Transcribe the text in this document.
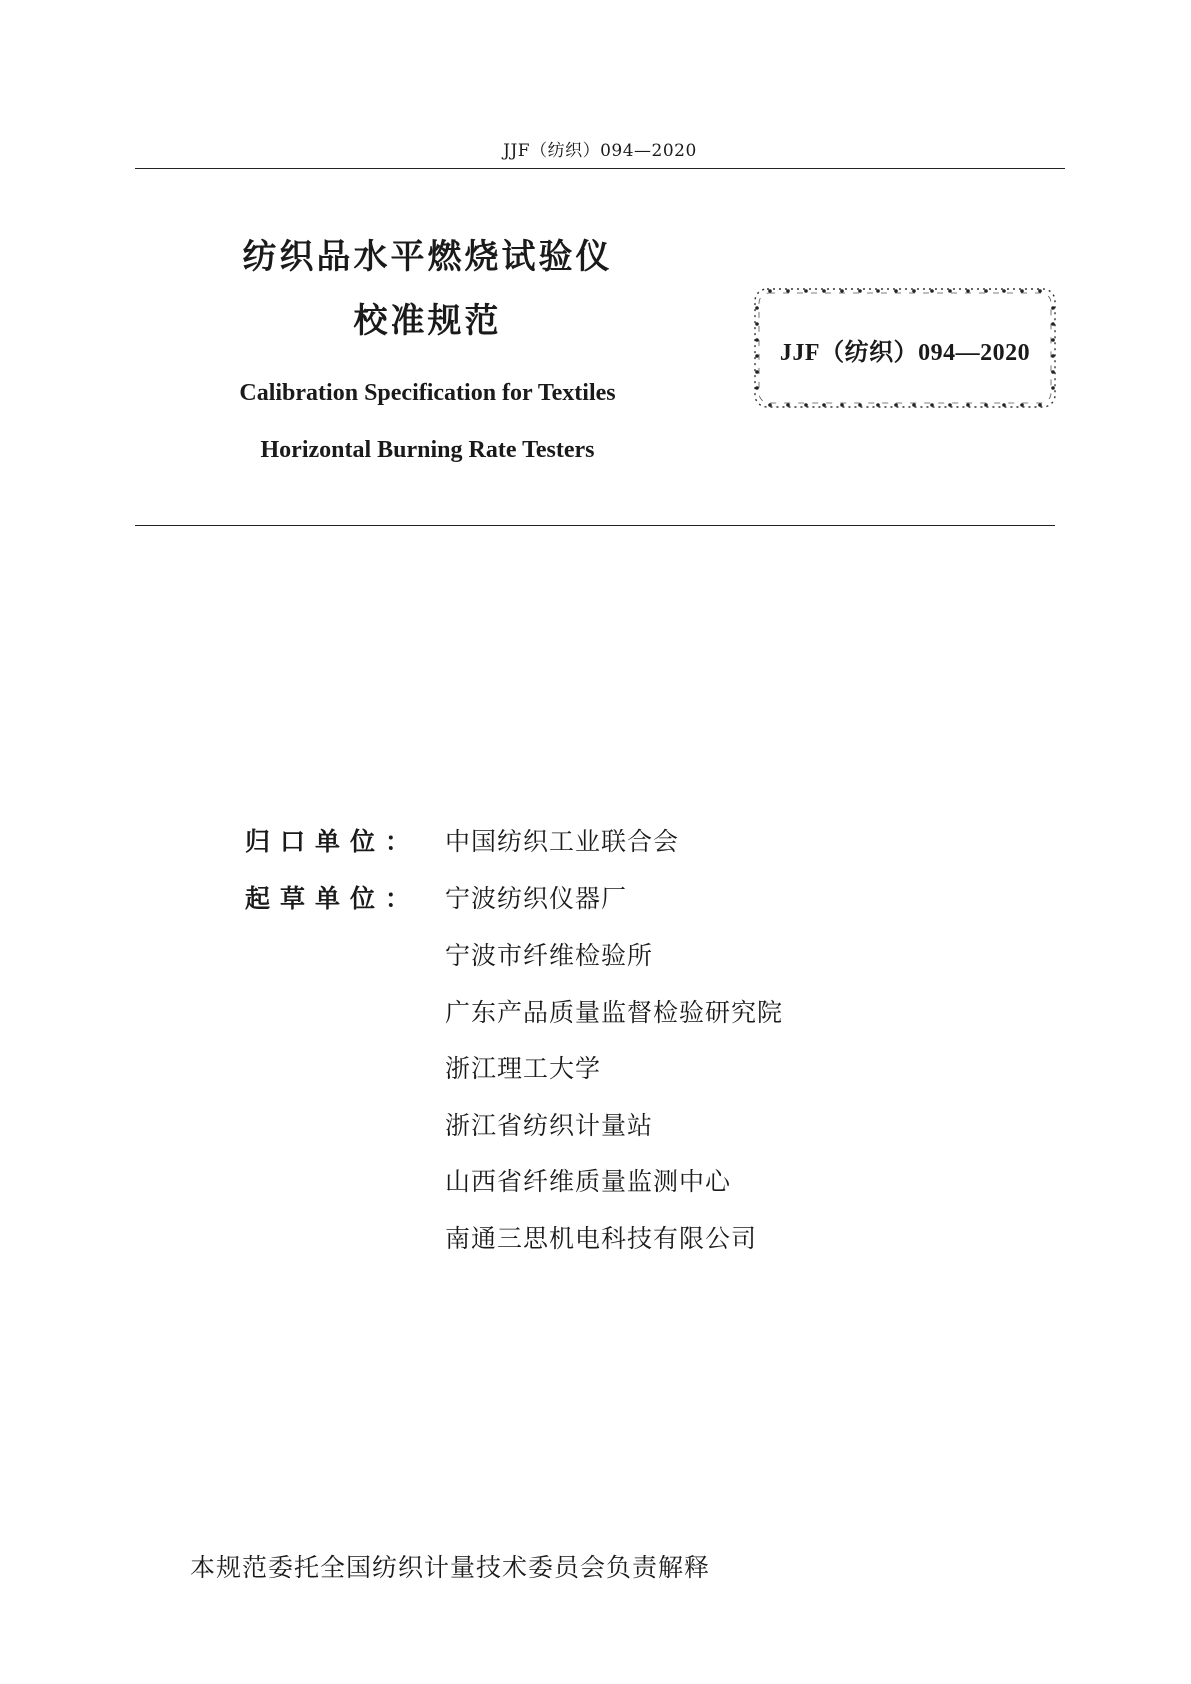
JJF（纺织）094—2020

纺织品水平燃烧试验仪

校准规范

Calibration Specification for Textiles

Horizontal Burning Rate Testers

JJF（纺织）094—2020
归口单位： 中国纺织工业联合会
起草单位： 宁波纺织仪器厂
宁波市纤维检验所
广东产品质量监督检验研究院
浙江理工大学
浙江省纺织计量站
山西省纤维质量监测中心
南通三思机电科技有限公司
本规范委托全国纺织计量技术委员会负责解释
